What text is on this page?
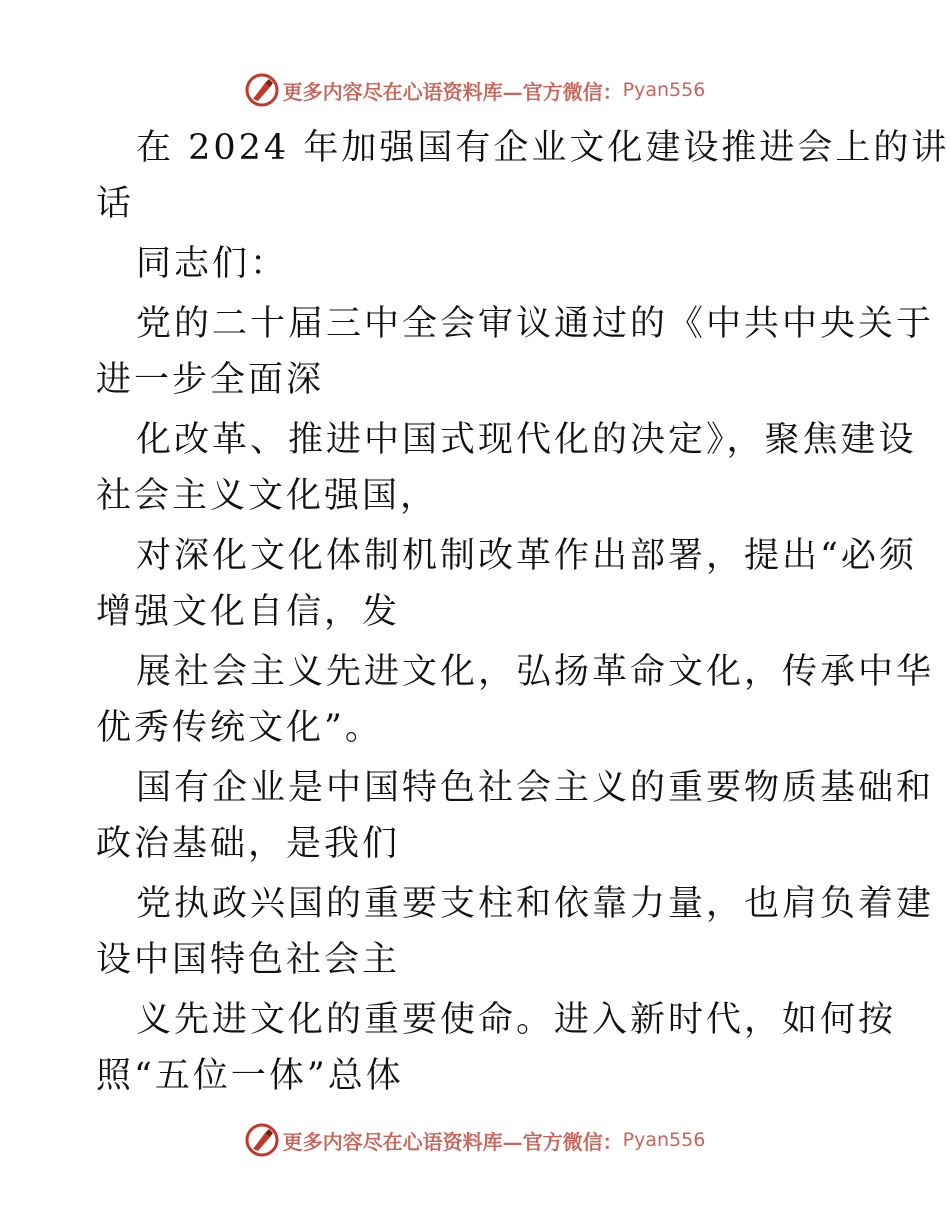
更多内容尽在心语资料库—官方微信： Pyan556
在 2024 年加强国有企业文化建设推进会上的讲
话
同志们：
党的二十届三中全会审议通过的《中共中央关于
进一步全面深
化改革、推进中国式现代化的决定》，聚焦建设
社会主义文化强国，
对深化文化体制机制改革作出部署，提出“必须
增强文化自信，发
展社会主义先进文化，弘扬革命文化，传承中华
优秀传统文化”。
国有企业是中国特色社会主义的重要物质基础和
政治基础，是我们
党执政兴国的重要支柱和依靠力量，也肩负着建
设中国特色社会主
义先进文化的重要使命。进入新时代，如何按
照“五位一体”总体
更多内容尽在心语资料库—官方微信： Pyan556
